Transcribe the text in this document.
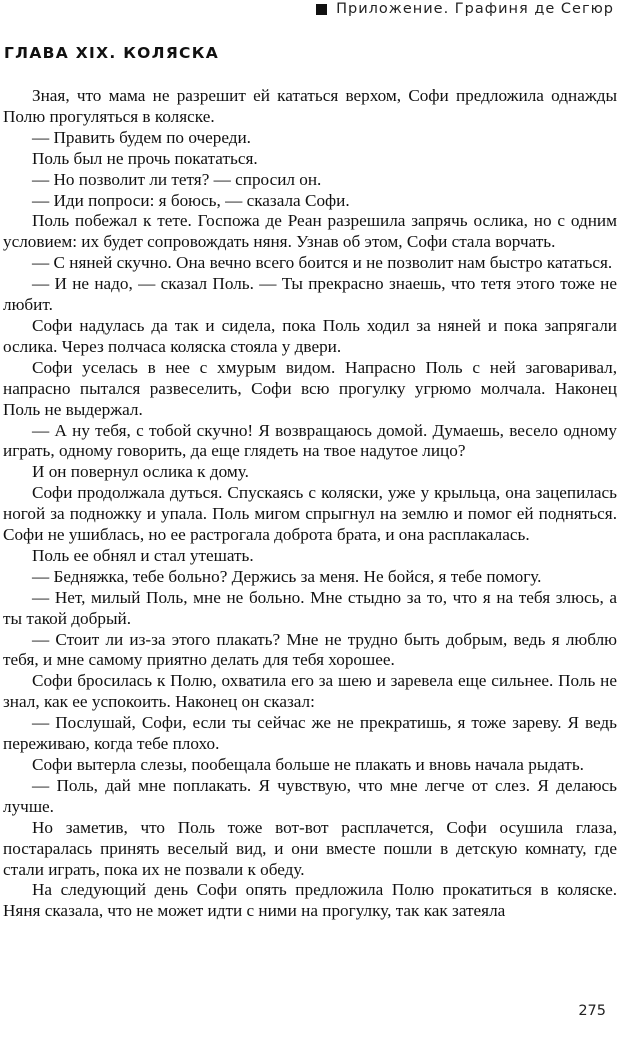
Приложение. Графиня де Сегюр
ГЛАВА XIX. КОЛЯСКА

Зная, что мама не разрешит ей кататься верхом, Софи предложила однажды Полю прогуляться в коляске.

— Править будем по очереди.

Поль был не прочь покататься.

— Но позволит ли тетя? — спросил он.

— Иди попроси: я боюсь, — сказала Софи.

Поль побежал к тете. Госпожа де Реан разрешила запрячь ослика, но с одним условием: их будет сопровождать няня. Узнав об этом, Софи стала ворчать.

— С няней скучно. Она вечно всего боится и не позволит нам быстро кататься.

— И не надо, — сказал Поль. — Ты прекрасно знаешь, что тетя этого тоже не любит.

Софи надулась да так и сидела, пока Поль ходил за няней и пока запрягали ослика. Через полчаса коляска стояла у двери.

Софи уселась в нее с хмурым видом. Напрасно Поль с ней заговаривал, напрасно пытался развеселить, Софи всю прогулку угрюмо молчала. Наконец Поль не выдержал.

— А ну тебя, с тобой скучно! Я возвращаюсь домой. Думаешь, весело одному играть, одному говорить, да еще глядеть на твое надутое лицо?

И он повернул ослика к дому.

Софи продолжала дуться. Спускаясь с коляски, уже у крыльца, она зацепилась ногой за подножку и упала. Поль мигом спрыгнул на землю и помог ей подняться. Софи не ушиблась, но ее растрогала доброта брата, и она расплакалась.

Поль ее обнял и стал утешать.

— Бедняжка, тебе больно? Держись за меня. Не бойся, я тебе помогу.

— Нет, милый Поль, мне не больно. Мне стыдно за то, что я на тебя злюсь, а ты такой добрый.

— Стоит ли из-за этого плакать? Мне не трудно быть добрым, ведь я люблю тебя, и мне самому приятно делать для тебя хорошее.

Софи бросилась к Полю, охватила его за шею и заревела еще сильнее. Поль не знал, как ее успокоить. Наконец он сказал:

— Послушай, Софи, если ты сейчас же не прекратишь, я тоже зареву. Я ведь переживаю, когда тебе плохо.

Софи вытерла слезы, пообещала больше не плакать и вновь начала рыдать.

— Поль, дай мне поплакать. Я чувствую, что мне легче от слез. Я делаюсь лучше.

Но заметив, что Поль тоже вот-вот расплачется, Софи осушила глаза, постаралась принять веселый вид, и они вместе пошли в детскую комнату, где стали играть, пока их не позвали к обеду.

На следующий день Софи опять предложила Полю прокатиться в коляске. Няня сказала, что не может идти с ними на прогулку, так как затеяла

275
